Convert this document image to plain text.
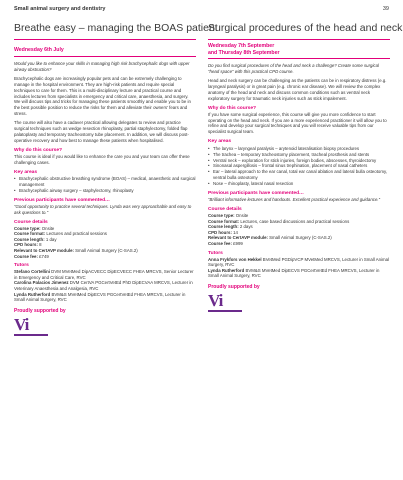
Small animal surgery and dentistry	39
Breathe easy – managing the BOAS patient
Wednesday 6th July

Would you like to enhance your skills in managing high risk brachycephalic dogs with upper airway obstruction?

Brachycephalic dogs are increasingly popular pets and can be extremely challenging to manage in the hospital environment. They are high-risk patients and require special techniques to care for them. This is a multi-disciplinary lecture and practical course and includes lectures from specialists in emergency and critical care, anaesthesia, and surgery. We will discuss tips and tricks for managing these patients smoothly and enable you to be in the best possible position to reduce the risks for them and alleviate their owners' fears and stress.

The course will also have a cadaver practical allowing delegates to review and practice surgical techniques such as wedge resection rhinoplasty, partial staphylectomy, folded flap palatoplasty and temporary tracheostomy tube placement. In addition, we will discuss post-operative recovery and how best to manage these patients when hospitalised.

Why do this course?

This course is ideal if you would like to enhance the care you and your team can offer these challenging cases.

Key areas
• Brachycephalic obstructive breathing syndrome (BOAS) – medical, anaesthetic and surgical management
• Brachycephalic airway surgery – staphylectomy, rhinoplasty
Previous participants have commented…

"Good opportunity to practice several techniques. Lynda was very approachable and easy to ask questions to."

Course details
Course type: Onsite
Course format: Lectures and practical sessions
Course length: 1 day
CPD hours: 8
Relevant to CertAVP module: Small Animal Surgery (C-SAS.2)
Course fee: £749
Tutors
Stefano Cortellini DVM MVetMed DipACVECC DipECVECC FHEA MRCVS, Senior Lecturer in Emergency and Critical Care, RVC
Carolina Palacios Jimenez DVM CertVA PGCertVetEd PhD DipECVAA MRCVS, Lecturer in Veterinary Anaesthesia and Analgesia, RVC
Lynda Rutherford BVM&S MVetMed DipECVS PGCertVetEd FHEA MRCVS, Lecturer in Small Animal Surgery, RVC
Proudly supported by
Vi
Surgical procedures of the head and neck
Wednesday 7th September
and Thursday 8th September

Do you find surgical procedures of the head and neck a challenge? Create some surgical "head space" with this practical CPD course.

Head and neck surgery can be challenging as the patients can be in respiratory distress (e.g. laryngeal paralysis) or in great pain (e.g. chronic ear disease). We will review the complex anatomy of the head and neck and discuss common conditions such as ventral neck exploratory surgery for traumatic neck injuries such as stick impalement.

Why do this course?

If you have some surgical experience, this course will give you more confidence to start operating on the head and neck. If you are a more experienced practitioner it will allow you to refine and develop your surgical techniques and you will receive valuable tips from our specialist surgical team.

Key areas
• The larynx – laryngeal paralysis – arytenoid lateralisation biopsy procedures
• The trachea – temporary tracheostomy placement, tracheal prosthesis and stents
• Ventral neck – exploration for stick injuries, foreign bodies, abscesses, thyroidectomy
• Sinonasal aspergillosis – frontal sinus trephination, placement of nasal catheters
• Ear – lateral approach to the ear canal, total ear canal ablation and lateral bulla osteotomy, ventral bulla osteotomy
• Nose – rhinoplasty, lateral nasal resection
Previous participants have commented…

"Brilliant informative lectures and handouts. Excellent practical experience and guidance."

Course details
Course type: Onsite
Course format: Lectures, case based discussions and practical sessions
Course length: 2 days
CPD hours: 14
Relevant to CertAVP module: Small Animal Surgery (C-SAS.2)
Course fee: £999
Tutors
Anna Frykfors von Hekkel BVetMed PGDipVCP MVetMed MRCVS, Lecturer in Small Animal Surgery, RVC
Lynda Rutherford BVM&S MVetMed DipECVS PGCertVetEd FHEA MRCVS, Lecturer in Small Animal Surgery, RVC
Proudly supported by
Vi
